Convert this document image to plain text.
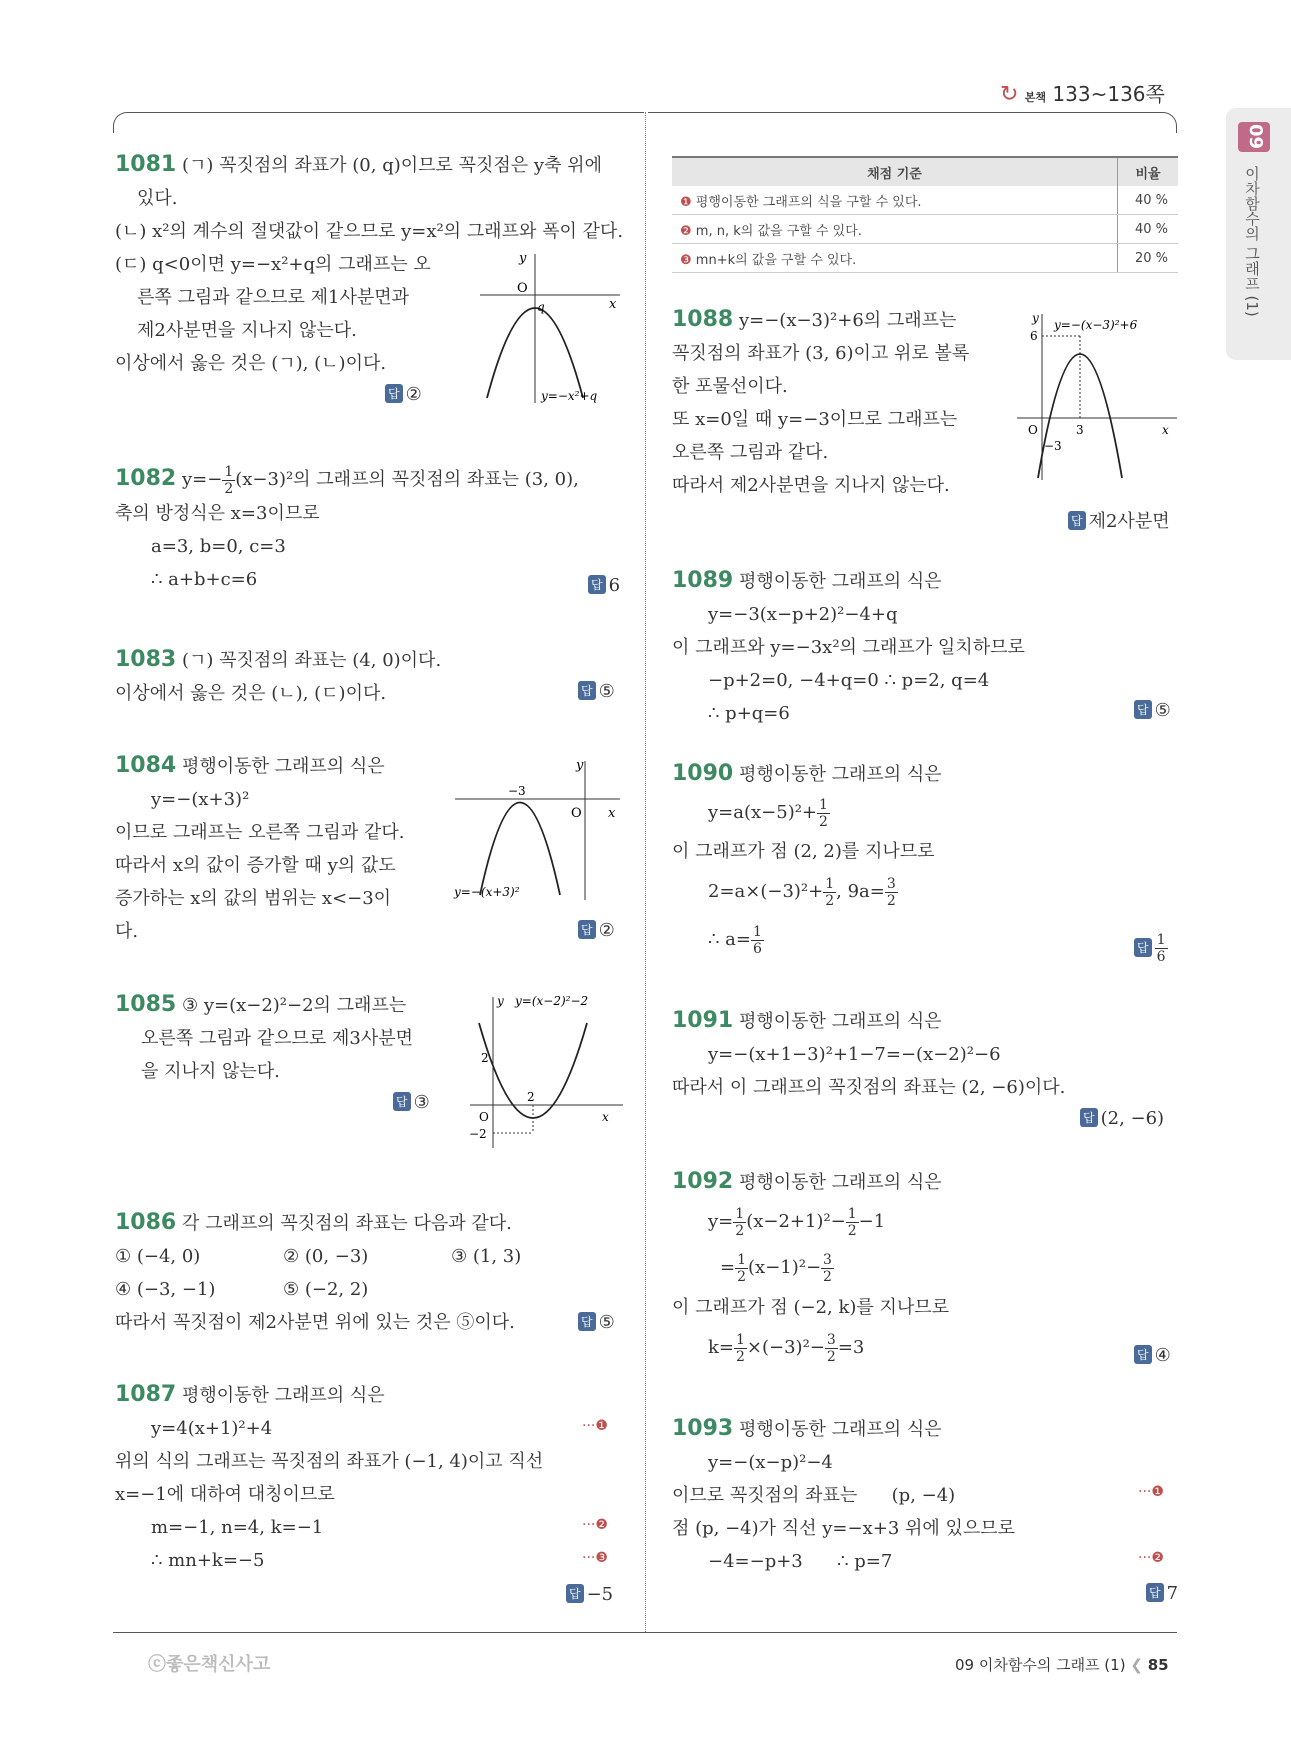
↻ 본책 133~136쪽
09
이차함수의 그래프 (1)
1081 (ㄱ) 꼭짓점의 좌표가 (0, q)이므로 꼭짓점은 y축 위에
있다.
(ㄴ) x²의 계수의 절댓값이 같으므로 y=x²의 그래프와 폭이 같다.
(ㄷ) q<0이면 y=−x²+q의 그래프는 오
른쪽 그림과 같으므로 제1사분면과
제2사분면을 지나지 않는다.
이상에서 옳은 것은 (ㄱ), (ㄴ)이다.
답 ②
y
O
x
q
y=−x²+q
1082 $y=- \frac{1}{2} (x-3)^2$의 그래프의 꼭짓점의 좌표는 (3, 0),
축의 방정식은 x=3이므로
a=3, b=0, c=3
∴ a+b+c=6	답 6
1083 (ㄱ) 꼭짓점의 좌표는 (4, 0)이다.
이상에서 옳은 것은 (ㄴ), (ㄷ)이다.	답 ⑤
1084 평행이동한 그래프의 식은
y=−(x+3)²
이므로 그래프는 오른쪽 그림과 같다.
따라서 x의 값이 증가할 때 y의 값도
증가하는 x의 값의 범위는 x<−3이
다.	답 ②
y
O x
−3
y=−(x+3)²
1085 ③ y=(x−2)²−2의 그래프는
오른쪽 그림과 같으므로 제3사분면
을 지나지 않는다.
답 ③
y y=(x−2)²−2
2
2
O	x
−2
1086 각 그래프의 꼭짓점의 좌표는 다음과 같다.
① (−4, 0)	② (0, −3)	③ (1, 3)
④ (−3, −1)	⑤ (−2, 2)
따라서 꼭짓점이 제2사분면 위에 있는 것은 ⑤이다.	답 ⑤
1087 평행이동한 그래프의 식은
y=4(x+1)²+4
위의 식의 그래프는 꼭짓점의 좌표가 (−1, 4)이고 직선
x=−1에 대하여 대칭이므로
m=−1, n=4, k=−1
∴ mn+k=−5
···❶
···❷
···❸
답 −5
채점 기준	비율
❶ 평행이동한 그래프의 식을 구할 수 있다.	40 %
❷ m, n, k의 값을 구할 수 있다.	40 %
❸ mn+k의 값을 구할 수 있다.	20 %
1088 y=−(x−3)²+6의 그래프는
꼭짓점의 좌표가 (3, 6)이고 위로 볼록
한 포물선이다.
또 x=0일 때 y=−3이므로 그래프는
오른쪽 그림과 같다.
따라서 제2사분면을 지나지 않는다.
답 제2사분면
y y=−(x−3)²+6
6
O	3	x
−3
1089 평행이동한 그래프의 식은
y=−3(x−p+2)²−4+q
이 그래프와 y=−3x²의 그래프가 일치하므로
−p+2=0, −4+q=0 ∴ p=2, q=4
∴ p+q=6	답 ⑤
1090 평행이동한 그래프의 식은
$y=a(x-5)^2+ \frac{1}{2}$
이 그래프가 점 (2, 2)를 지나므로
$2=a\times(-3)^2+ \frac{1}{2}$ , $9a= \frac{3}{2}$
∴ $a= \frac{1}{6}$	답 $\frac{1}{6}$
1091 평행이동한 그래프의 식은
y=−(x+1−3)²+1−7=−(x−2)²−6
따라서 이 그래프의 꼭짓점의 좌표는 (2, −6)이다.
답 (2, −6)
1092 평행이동한 그래프의 식은
$y= \frac{1}{2} (x-2+1)^2- \frac{1}{2} -1$
= $\frac{1}{2} (x-1)^2- \frac{3}{2}$
이 그래프가 점 (−2, k)를 지나므로
$k= \frac{1}{2} \times(-3)^2- \frac{3}{2} =3$	답 ④
1093 평행이동한 그래프의 식은
y=−(x−p)²−4
이므로 꼭짓점의 좌표는      (p, −4)
점 (p, −4)가 직선 y=−x+3 위에 있으므로
−4=−p+3      ∴ p=7
···❶
···❷
답 7
ⓒ좋은책신사고	09 이차함수의 그래프 (1) ❮ 85
